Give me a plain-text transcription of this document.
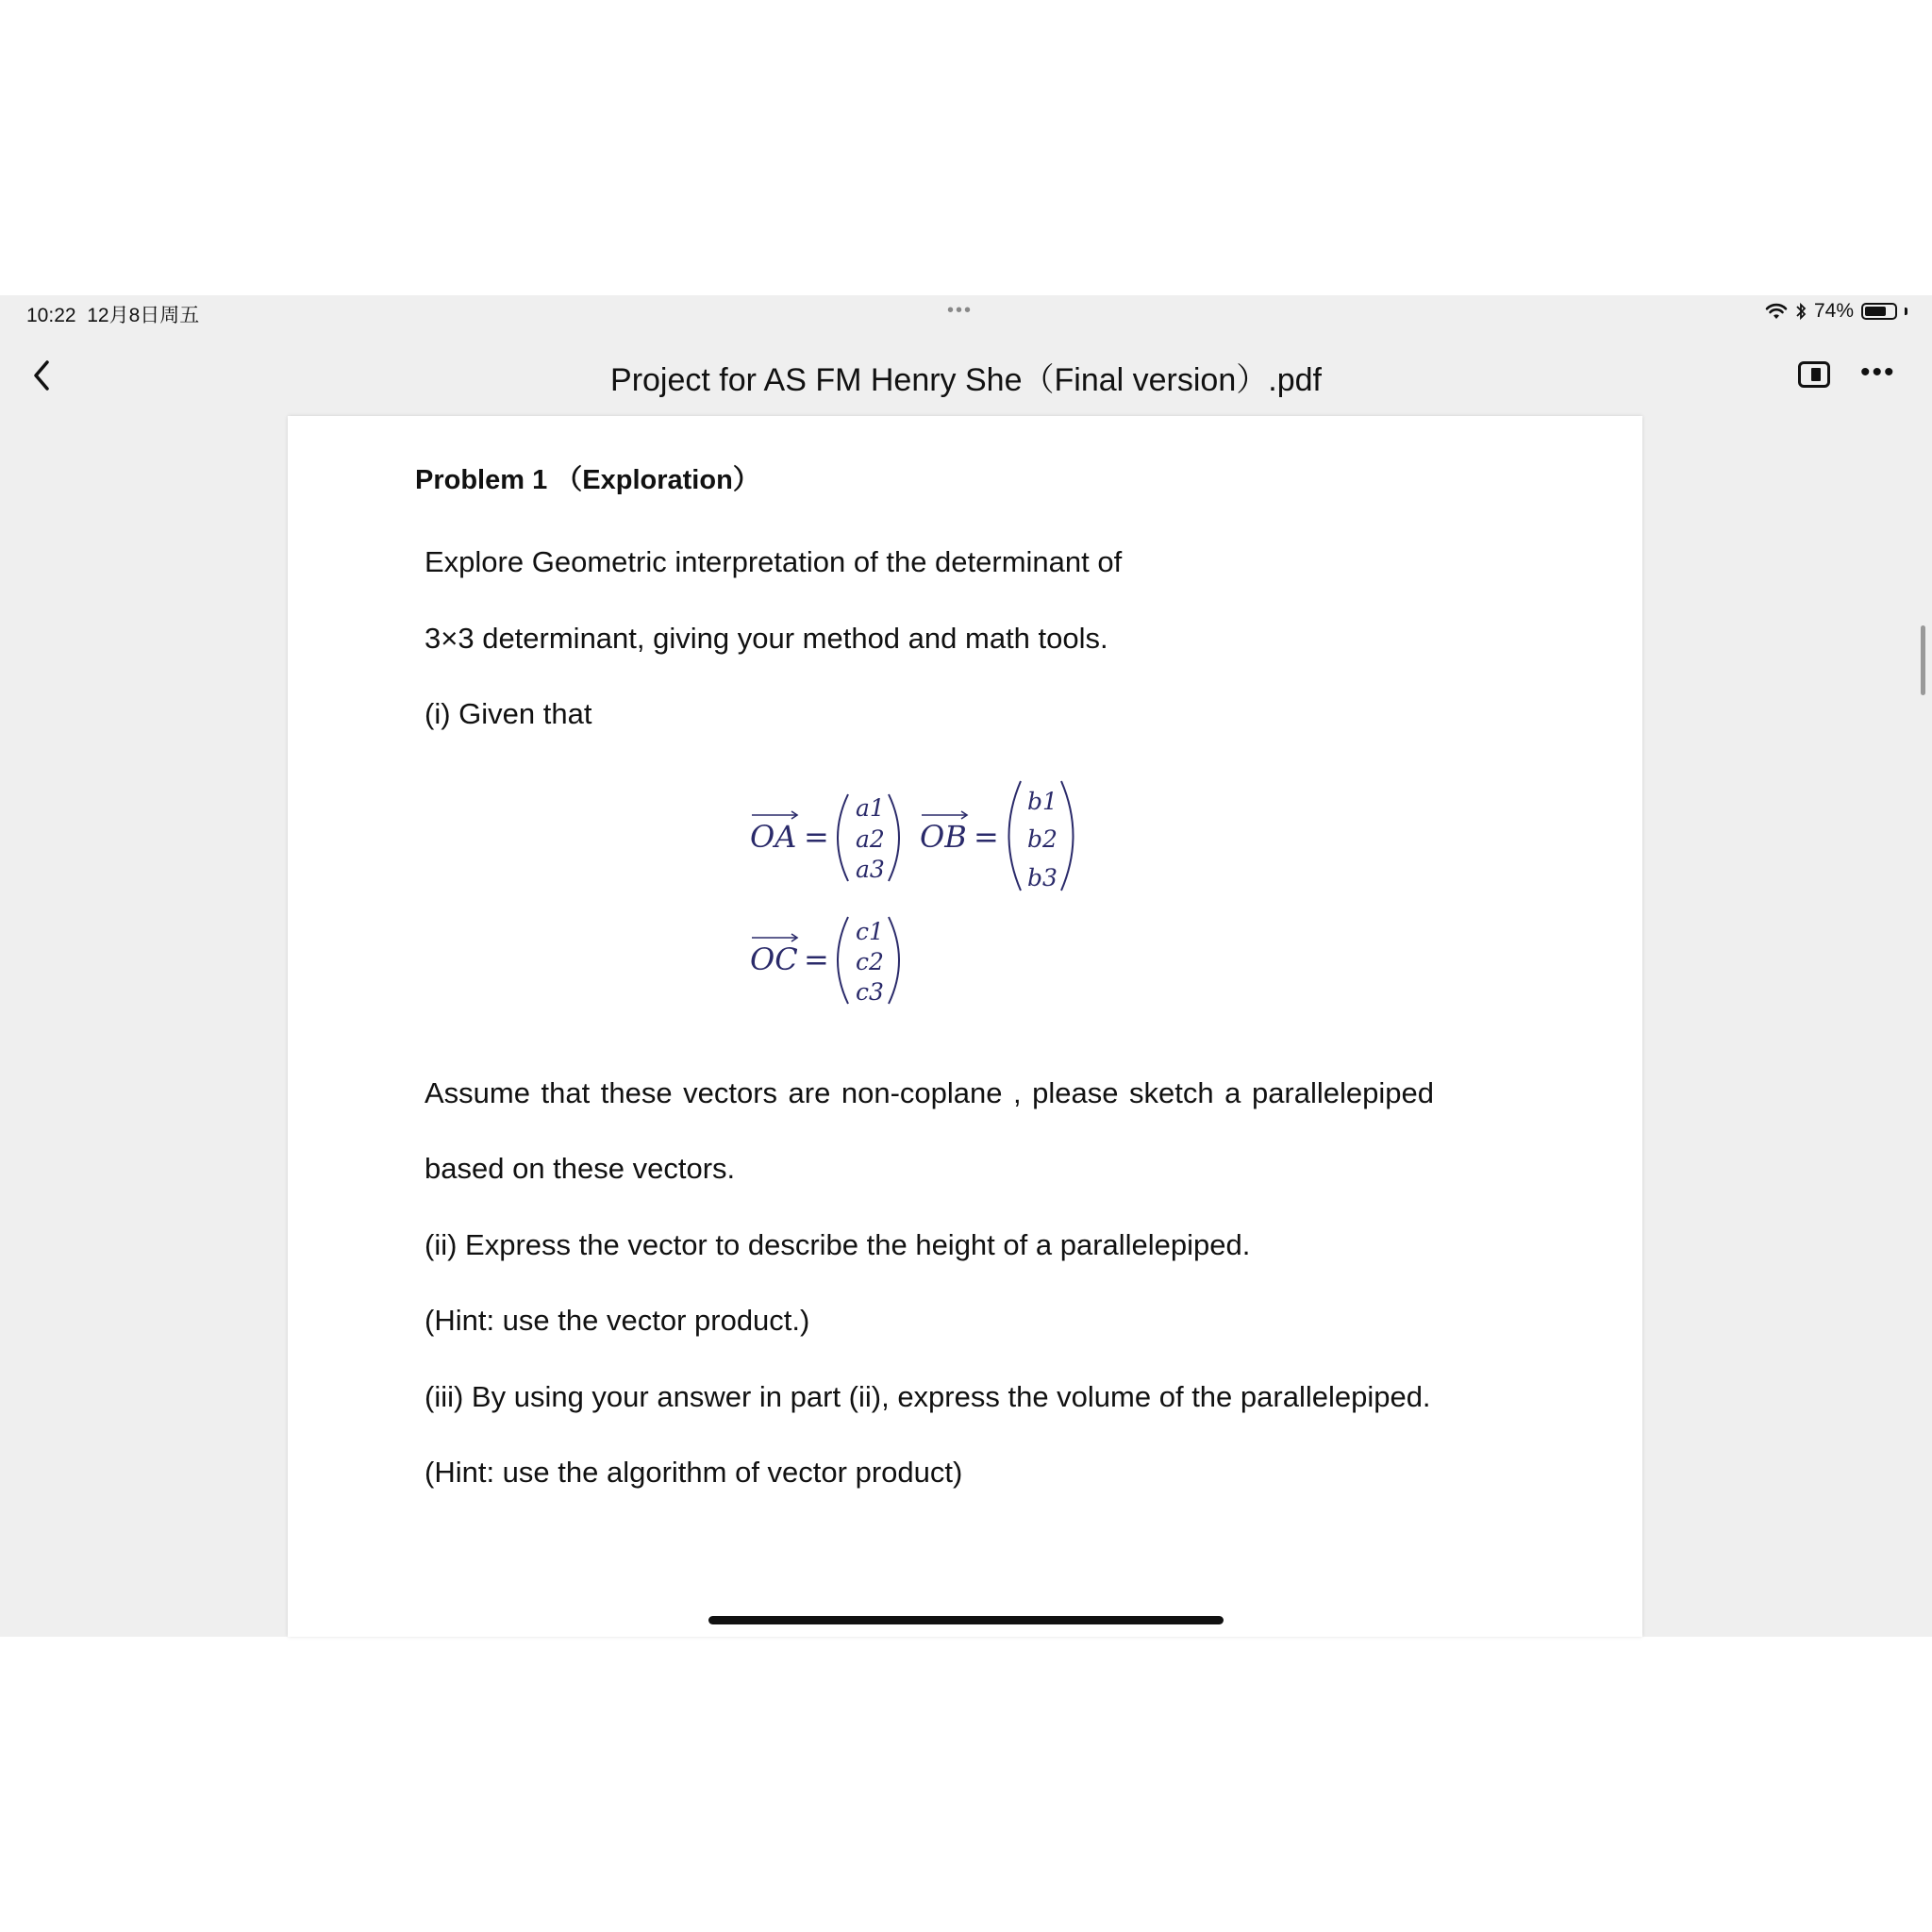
10:22 12月8日周五	•••	74%
Project for AS FM Henry She（Final version）.pdf	•••
Problem 1 （Exploration）
Explore Geometric interpretation of the determinant of
3×3 determinant, giving your method and math tools.
(i) Given that
OA =
a1
a2
a3
OB =
b1
b2
b3
OC =
c1
c2
c3
Assume that these vectors are non-coplane , please sketch a parallelepiped
based on these vectors.
(ii) Express the vector to describe the height of a parallelepiped.
(Hint: use the vector product.)
(iii) By using your answer in part (ii), express the volume of the parallelepiped.
(Hint: use the algorithm of vector product)
